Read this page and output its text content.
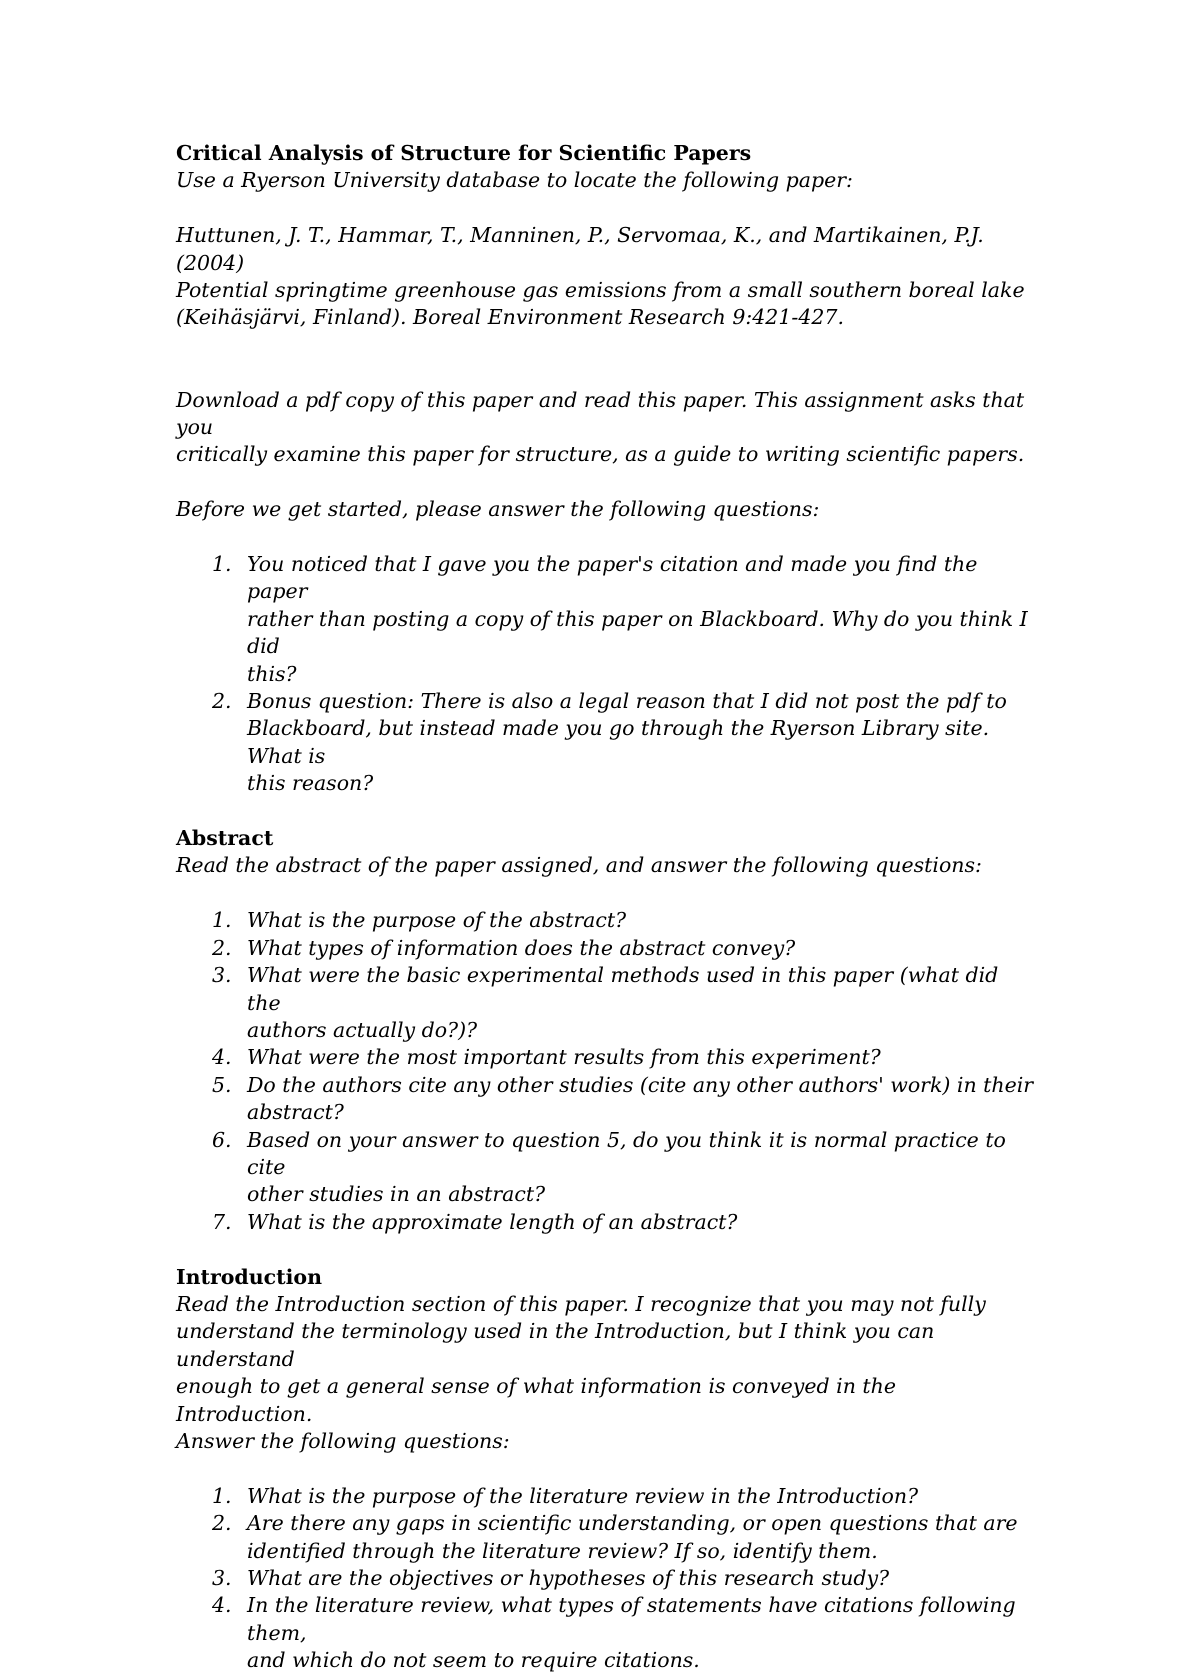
Critical Analysis of Structure for Scientific Papers

Use a Ryerson University database to locate the following paper:

Huttunen, J. T., Hammar, T., Manninen, P., Servomaa, K., and Martikainen, P.J. (2004)

Potential springtime greenhouse gas emissions from a small southern boreal lake

(Keihäsjärvi, Finland). Boreal Environment Research 9:421-427.

Download a pdf copy of this paper and read this paper. This assignment asks that you

critically examine this paper for structure, as a guide to writing scientific papers.

Before we get started, please answer the following questions:

1. You noticed that I gave you the paper's citation and made you find the paper
rather than posting a copy of this paper on Blackboard. Why do you think I did
this?
2. Bonus question: There is also a legal reason that I did not post the pdf to
Blackboard, but instead made you go through the Ryerson Library site. What is
this reason?

Abstract

Read the abstract of the paper assigned, and answer the following questions:

1. What is the purpose of the abstract?
2. What types of information does the abstract convey?
3. What were the basic experimental methods used in this paper (what did the
authors actually do?)?
4. What were the most important results from this experiment?
5. Do the authors cite any other studies (cite any other authors' work) in their
abstract?
6. Based on your answer to question 5, do you think it is normal practice to cite
other studies in an abstract?
7. What is the approximate length of an abstract?

Introduction

Read the Introduction section of this paper. I recognize that you may not fully

understand the terminology used in the Introduction, but I think you can understand

enough to get a general sense of what information is conveyed in the Introduction.

Answer the following questions:

1. What is the purpose of the literature review in the Introduction?
2. Are there any gaps in scientific understanding, or open questions that are
identified through the literature review? If so, identify them.
3. What are the objectives or hypotheses of this research study?
4. In the literature review, what types of statements have citations following them,
and which do not seem to require citations.
